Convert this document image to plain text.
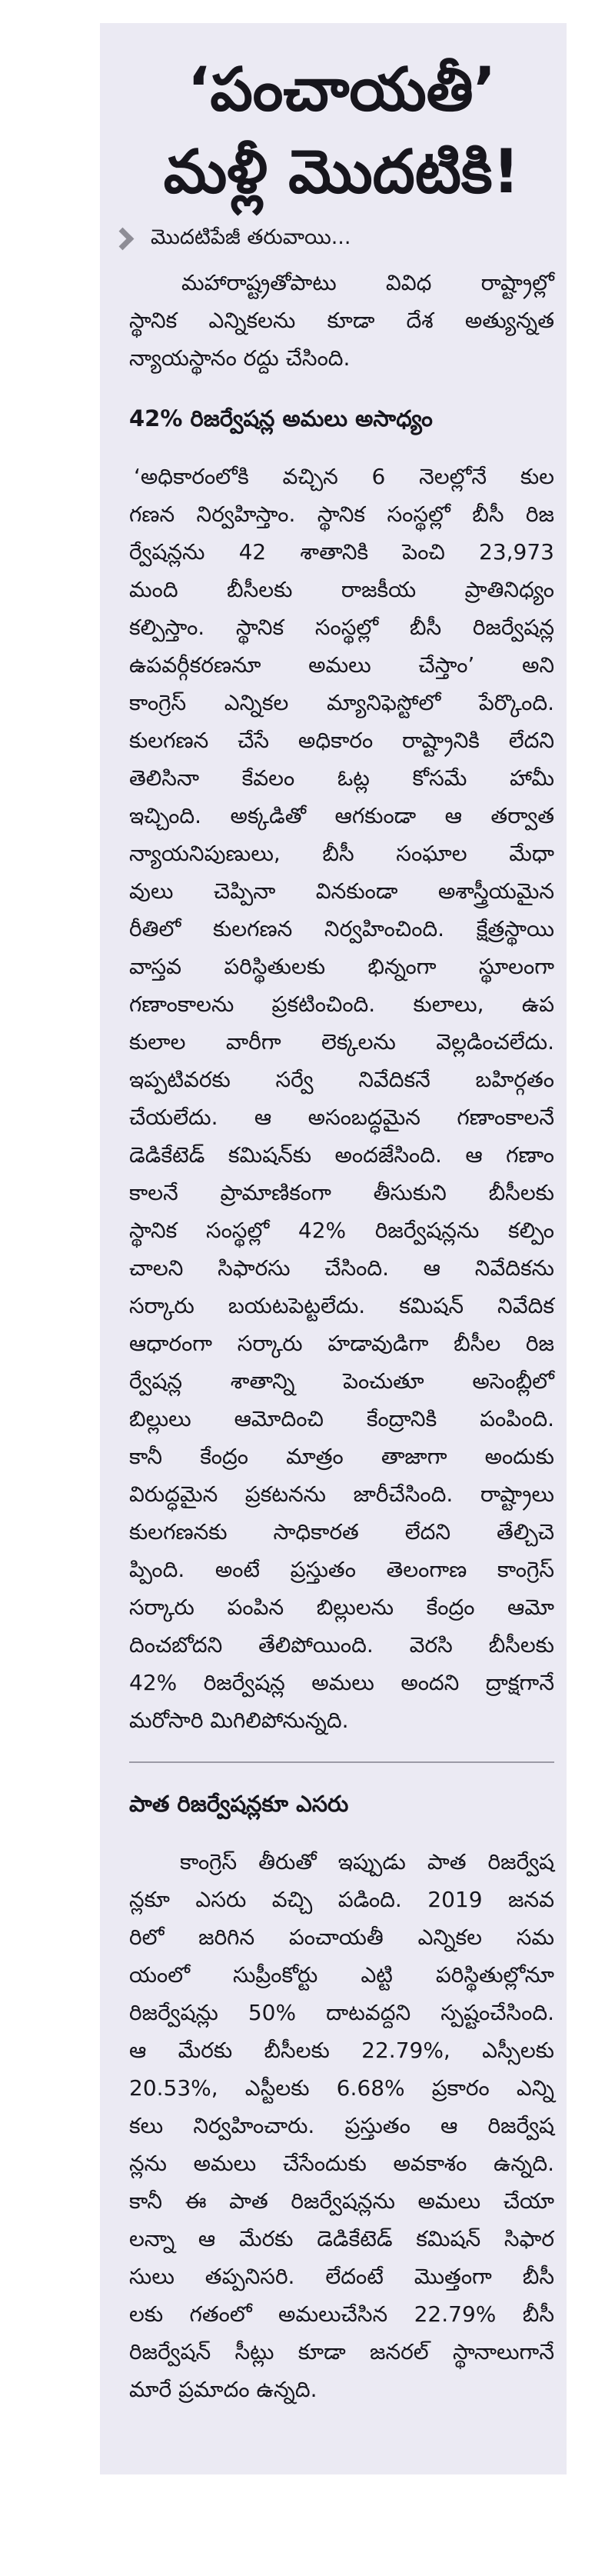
‘పంచాయతీ’
మళ్లీ మొదటికి!
మొదటిపేజీ తరువాయి...
మహారాష్ట్రతోపాటు వివిధ రాష్ట్రాల్లో
స్థానిక ఎన్నికలను కూడా దేశ అత్యున్నత
న్యాయస్థానం రద్దు చేసింది.
42% రిజర్వేషన్ల అమలు అసాధ్యం
‘అధికారంలోకి వచ్చిన 6 నెలల్లోనే కుల
గణన నిర్వహిస్తాం. స్థానిక సంస్థల్లో బీసీ రిజ
ర్వేషన్లను 42 శాతానికి పెంచి 23,973
మంది బీసీలకు రాజకీయ ప్రాతినిధ్యం
కల్పిస్తాం. స్థానిక సంస్థల్లో బీసీ రిజర్వేషన్ల
ఉపవర్గీకరణనూ అమలు చేస్తాం’ అని
కాంగ్రెస్ ఎన్నికల మ్యానిఫెస్టోలో పేర్కొంది.
కులగణన చేసే అధికారం రాష్ట్రానికి లేదని
తెలిసినా కేవలం ఓట్ల కోసమే హామీ
ఇచ్చింది. అక్కడితో ఆగకుండా ఆ తర్వాత
న్యాయనిపుణులు, బీసీ సంఘాల మేధా
వులు చెప్పినా వినకుండా అశాస్త్రీయమైన
రీతిలో కులగణన నిర్వహించింది. క్షేత్రస్థాయి
వాస్తవ పరిస్థితులకు భిన్నంగా స్థూలంగా
గణాంకాలను ప్రకటించింది. కులాలు, ఉప
కులాల వారీగా లెక్కలను వెల్లడించలేదు.
ఇప్పటివరకు సర్వే నివేదికనే బహిర్గతం
చేయలేదు. ఆ అసంబద్ధమైన గణాంకాలనే
డెడికేటెడ్ కమిషన్‌కు అందజేసింది. ఆ గణాం
కాలనే ప్రామాణికంగా తీసుకుని బీసీలకు
స్థానిక సంస్థల్లో 42% రిజర్వేషన్లను కల్పిం
చాలని సిఫారసు చేసింది. ఆ నివేదికను
సర్కారు బయటపెట్టలేదు. కమిషన్ నివేదిక
ఆధారంగా సర్కారు హడావుడిగా బీసీల రిజ
ర్వేషన్ల శాతాన్ని పెంచుతూ అసెంబ్లీలో
బిల్లులు ఆమోదించి కేంద్రానికి పంపింది.
కానీ కేంద్రం మాత్రం తాజాగా అందుకు
విరుద్ధమైన ప్రకటనను జారీచేసింది. రాష్ట్రాలు
కులగణనకు సాధికారత లేదని తేల్చిచె
ప్పింది. అంటే ప్రస్తుతం తెలంగాణ కాంగ్రెస్
సర్కారు పంపిన బిల్లులను కేంద్రం ఆమో
దించబోదని తేలిపోయింది. వెరసి బీసీలకు
42% రిజర్వేషన్ల అమలు అందని ద్రాక్షగానే
మరోసారి మిగిలిపోనున్నది.
పాత రిజర్వేషన్లకూ ఎసరు
కాంగ్రెస్ తీరుతో ఇప్పుడు పాత రిజర్వేష
న్లకూ ఎసరు వచ్చి పడింది. 2019 జనవ
రిలో జరిగిన పంచాయతీ ఎన్నికల సమ
యంలో సుప్రీంకోర్టు ఎట్టి పరిస్థితుల్లోనూ
రిజర్వేషన్లు 50% దాటవద్దని స్పష్టంచేసింది.
ఆ మేరకు బీసీలకు 22.79%, ఎస్సీలకు
20.53%, ఎస్టీలకు 6.68% ప్రకారం ఎన్ని
కలు నిర్వహించారు. ప్రస్తుతం ఆ రిజర్వేష
న్లను అమలు చేసేందుకు అవకాశం ఉన్నది.
కానీ ఈ పాత రిజర్వేషన్లను అమలు చేయా
లన్నా ఆ మేరకు డెడికేటెడ్ కమిషన్ సిఫార
సులు తప్పనిసరి. లేదంటే మొత్తంగా బీసీ
లకు గతంలో అమలుచేసిన 22.79% బీసీ
రిజర్వేషన్ సీట్లు కూడా జనరల్ స్థానాలుగానే
మారే ప్రమాదం ఉన్నది.
